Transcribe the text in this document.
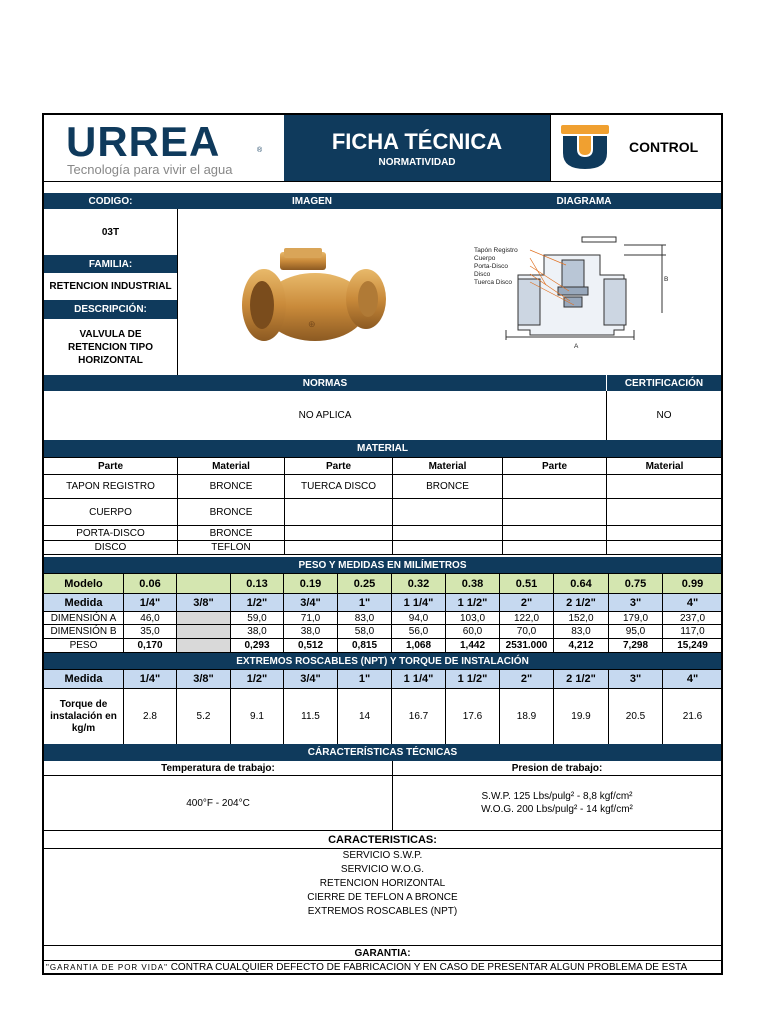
URREA	®
Tecnología para vivir el agua
FICHA TÉCNICA
NORMATIVIDAD
CONTROL
CODIGO:	IMAGEN	DIAGRAMA
03T
FAMILIA:
RETENCION INDUSTRIAL
DESCRIPCIÓN:
VALVULA DE RETENCION TIPO HORIZONTAL
⊕
Tapón Registro
Cuerpo
Porta-Disco
Disco
Tuerca Disco
A
B
NORMAS	CERTIFICACIÓN
NO APLICA	NO
MATERIAL
Parte	Material	Parte	Material	Parte	Material
TAPON REGISTRO	BRONCE	TUERCA DISCO	BRONCE		
CUERPO	BRONCE				
PORTA-DISCO	BRONCE				
DISCO	TEFLON				
PESO Y MEDIDAS EN MILÍMETROS
Modelo	0.06		0.13	0.19	0.25	0.32	0.38	0.51	0.64	0.75	0.99
Medida	1/4"	3/8"	1/2"	3/4"	1"	1 1/4"	1 1/2"	2"	2 1/2"	3"	4"
DIMENSIÓN A	46,0		59,0	71,0	83,0	94,0	103,0	122,0	152,0	179,0	237,0
DIMENSIÓN B	35,0		38,0	38,0	58,0	56,0	60,0	70,0	83,0	95,0	117,0
PESO	0,170		0,293	0,512	0,815	1,068	1,442	2531.000	4,212	7,298	15,249
EXTREMOS ROSCABLES (NPT) Y TORQUE DE INSTALACIÓN
Medida	1/4"	3/8"	1/2"	3/4"	1"	1 1/4"	1 1/2"	2"	2 1/2"	3"	4"
Torque de instalación en kg/m	2.8	5.2	9.1	11.5	14	16.7	17.6	18.9	19.9	20.5	21.6
CÁRACTERÍSTICAS TÉCNICAS
Temperatura de trabajo:	Presion de trabajo:
400°F - 204°C
S.W.P. 125 Lbs/pulg² - 8,8 kgf/cm²
W.O.G. 200 Lbs/pulg² - 14 kgf/cm²
CARACTERISTICAS:
SERVICIO S.W.P.
SERVICIO W.O.G.
RETENCION HORIZONTAL
CIERRE DE TEFLON A BRONCE
EXTREMOS ROSCABLES (NPT)
GARANTIA:
"GARANTIA DE POR VIDA" CONTRA CUALQUIER DEFECTO DE FABRICACION Y EN CASO DE PRESENTAR ALGUN PROBLEMA DE ESTA
